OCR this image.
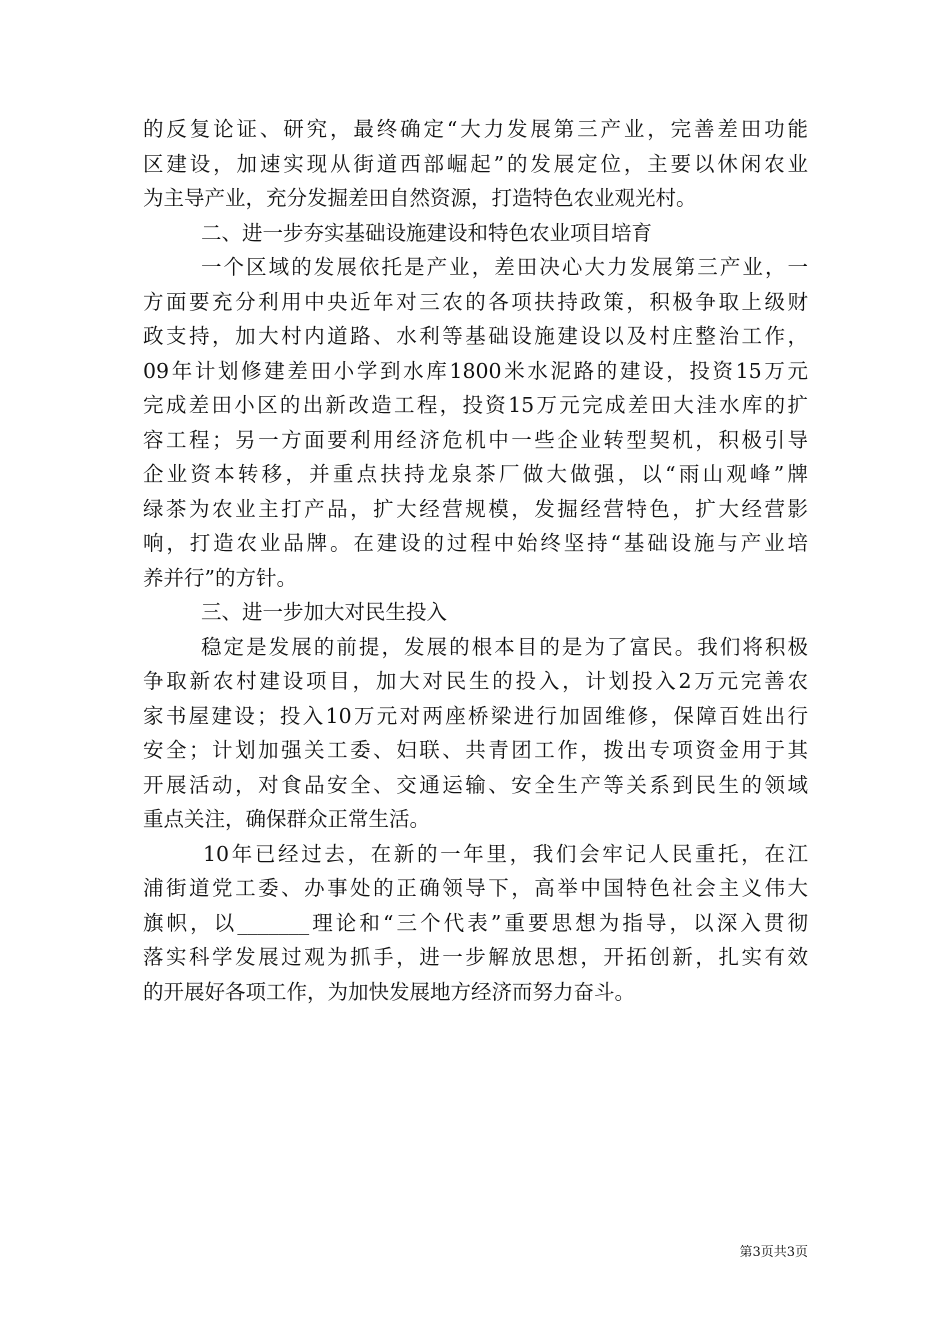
的反复论证、研究，最终确定“大力发展第三产业，完善差田功能
区建设，加速实现从街道西部崛起”的发展定位，主要以休闲农业
为主导产业，充分发掘差田自然资源，打造特色农业观光村。
二、进一步夯实基础设施建设和特色农业项目培育
一个区域的发展依托是产业，差田决心大力发展第三产业，一
方面要充分利用中央近年对三农的各项扶持政策，积极争取上级财
政支持，加大村内道路、水利等基础设施建设以及村庄整治工作，
09年计划修建差田小学到水库1800米水泥路的建设，投资15万元
完成差田小区的出新改造工程，投资15万元完成差田大洼水库的扩
容工程；另一方面要利用经济危机中一些企业转型契机，积极引导
企业资本转移，并重点扶持龙泉茶厂做大做强，以“雨山观峰”牌
绿茶为农业主打产品，扩大经营规模，发掘经营特色，扩大经营影
响，打造农业品牌。在建设的过程中始终坚持“基础设施与产业培
养并行”的方针。
三、进一步加大对民生投入
稳定是发展的前提，发展的根本目的是为了富民。我们将积极
争取新农村建设项目，加大对民生的投入，计划投入2万元完善农
家书屋建设；投入10万元对两座桥梁进行加固维修，保障百姓出行
安全；计划加强关工委、妇联、共青团工作，拨出专项资金用于其
开展活动，对食品安全、交通运输、安全生产等关系到民生的领域
重点关注，确保群众正常生活。
10年已经过去，在新的一年里，我们会牢记人民重托，在江
浦街道党工委、办事处的正确领导下，高举中国特色社会主义伟大
旗帜，以_______理论和“三个代表”重要思想为指导，以深入贯彻
落实科学发展过观为抓手，进一步解放思想，开拓创新，扎实有效
的开展好各项工作，为加快发展地方经济而努力奋斗。
第3页共3页
